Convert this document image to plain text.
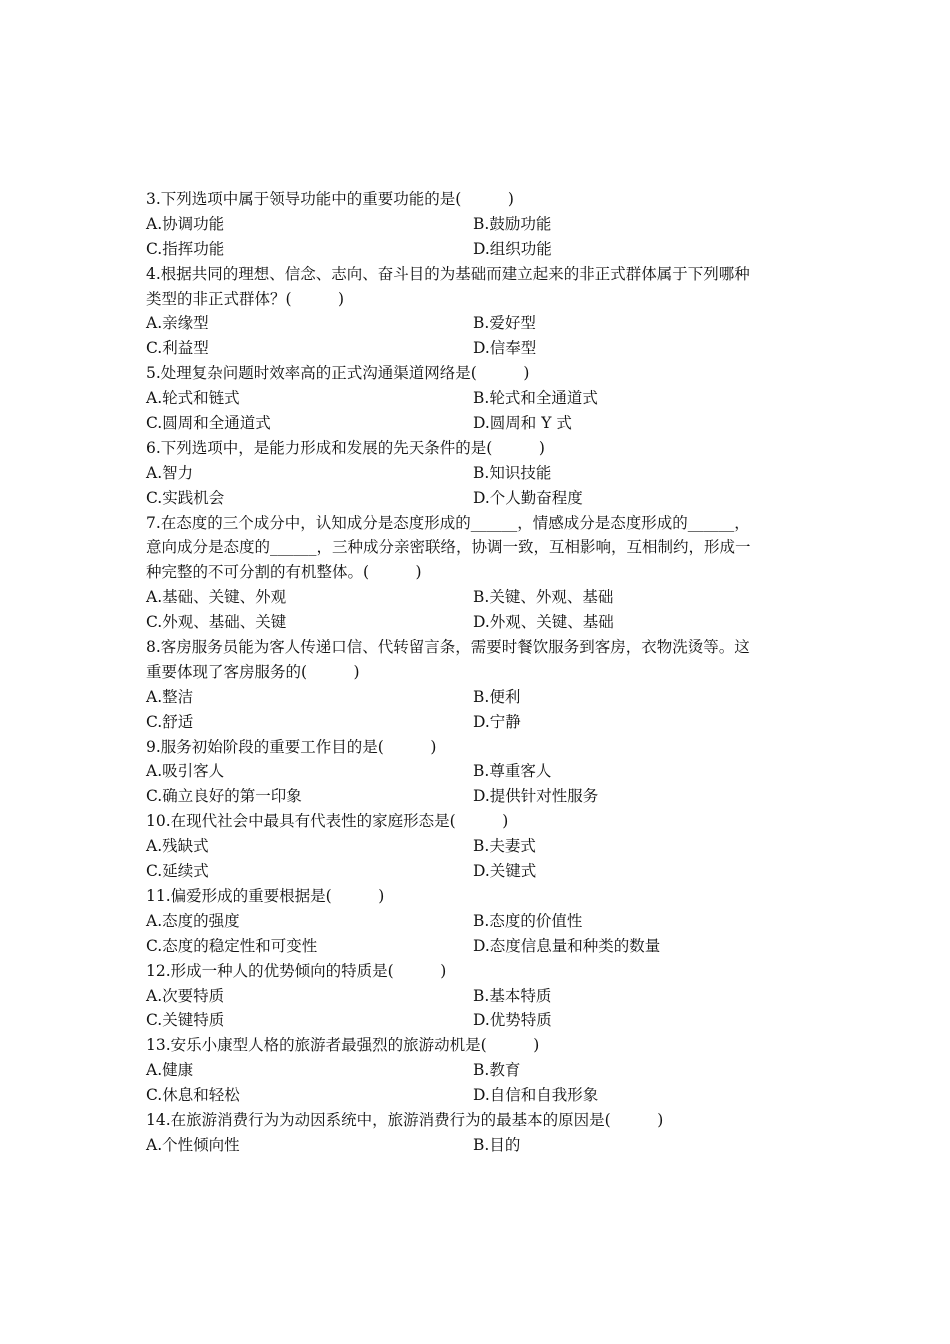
3.下列选项中属于领导功能中的重要功能的是(　　　)
A.协调功能	B.鼓励功能
C.指挥功能	D.组织功能
4.根据共同的理想、信念、志向、奋斗目的为基础而建立起来的非正式群体属于下列哪种
类型的非正式群体？(　　　)
A.亲缘型	B.爱好型
C.利益型	D.信奉型
5.处理复杂问题时效率高的正式沟通渠道网络是(　　　)
A.轮式和链式	B.轮式和全通道式
C.圆周和全通道式	D.圆周和 Y 式
6.下列选项中，是能力形成和发展的先天条件的是(　　　)
A.智力	B.知识技能
C.实践机会	D.个人勤奋程度
7.在态度的三个成分中，认知成分是态度形成的______，情感成分是态度形成的______，
意向成分是态度的______，三种成分亲密联络，协调一致，互相影响，互相制约，形成一
种完整的不可分割的有机整体。(　　　)
A.基础、关键、外观	B.关键、外观、基础
C.外观、基础、关键	D.外观、关键、基础
8.客房服务员能为客人传递口信、代转留言条，需要时餐饮服务到客房，衣物洗烫等。这
重要体现了客房服务的(　　　)
A.整洁	B.便利
C.舒适	D.宁静
9.服务初始阶段的重要工作目的是(　　　)
A.吸引客人	B.尊重客人
C.确立良好的第一印象	D.提供针对性服务
10.在现代社会中最具有代表性的家庭形态是(　　　)
A.残缺式	B.夫妻式
C.延续式	D.关键式
11.偏爱形成的重要根据是(　　　)
A.态度的强度	B.态度的价值性
C.态度的稳定性和可变性	D.态度信息量和种类的数量
12.形成一种人的优势倾向的特质是(　　　)
A.次要特质	B.基本特质
C.关键特质	D.优势特质
13.安乐小康型人格的旅游者最强烈的旅游动机是(　　　)
A.健康	B.教育
C.休息和轻松	D.自信和自我形象
14.在旅游消费行为为动因系统中，旅游消费行为的最基本的原因是(　　　)
A.个性倾向性	B.目的
